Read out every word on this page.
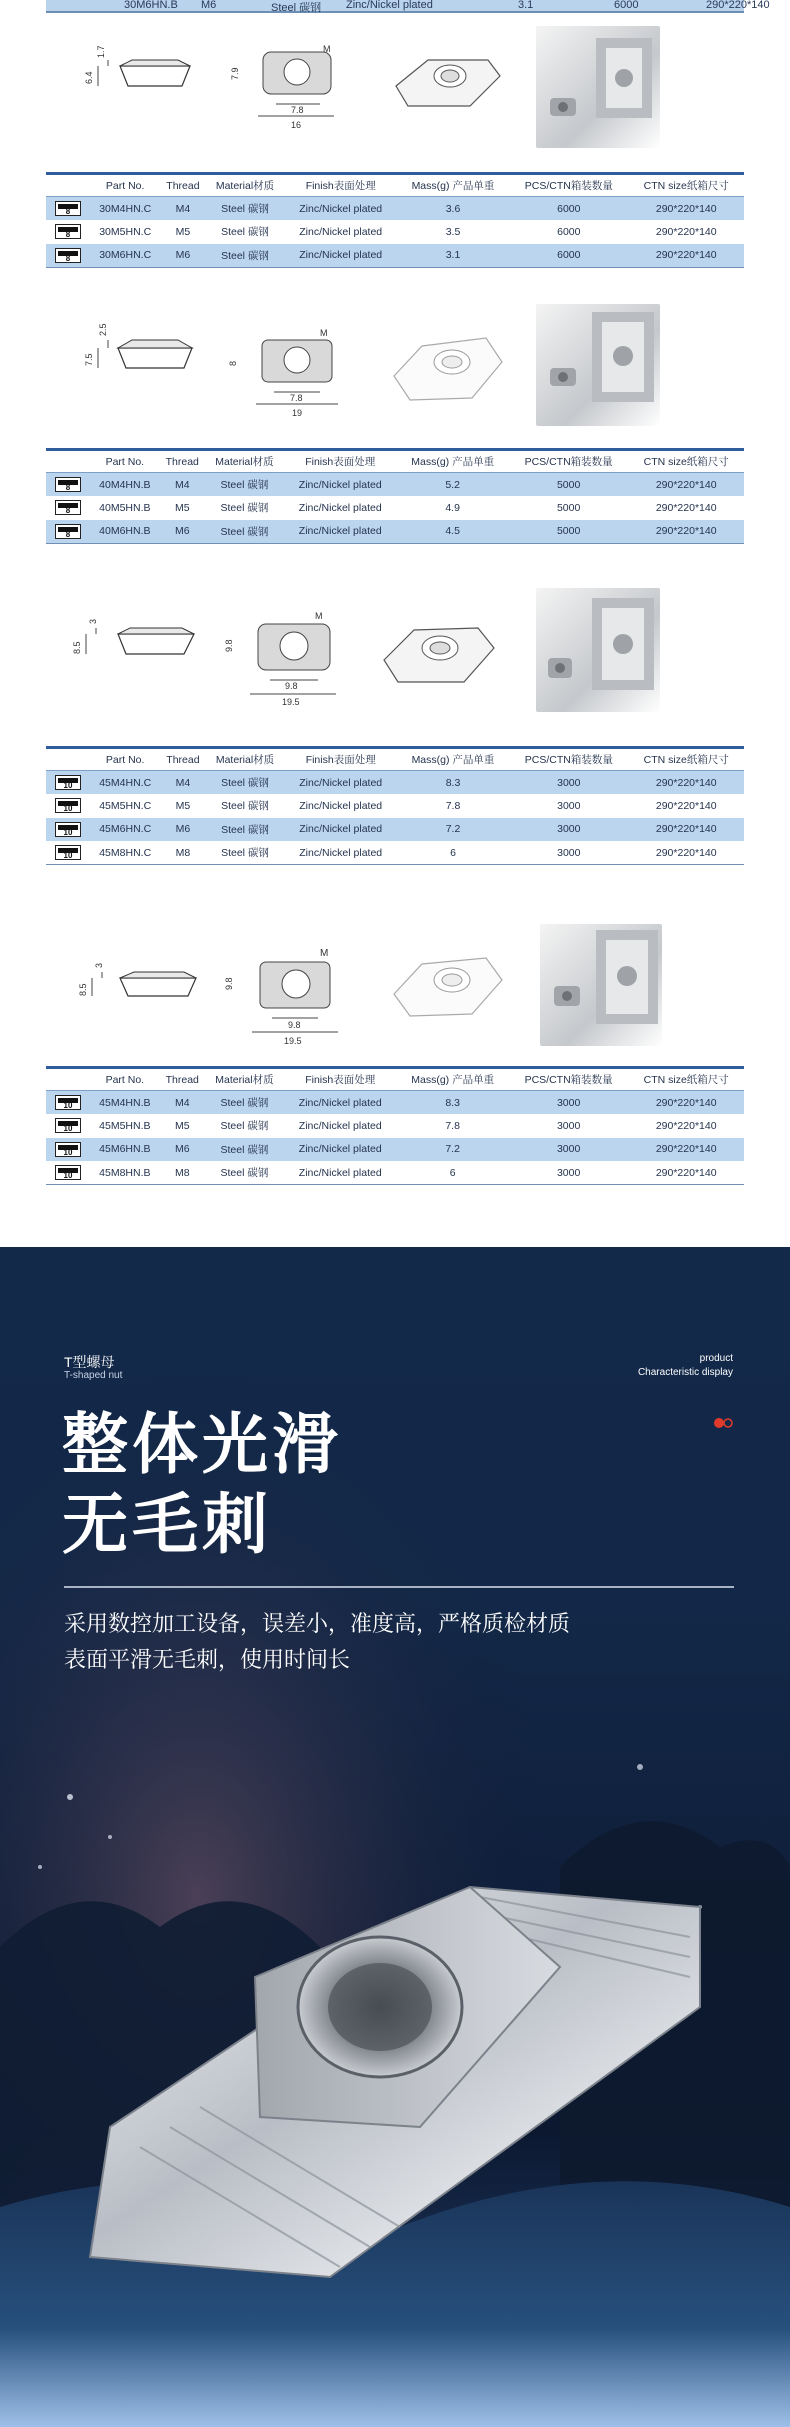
30M6HN.B M6	Steel 碳钢 Zinc/Nickel plated	3.1	6000	290*220*140
1.7
6.4
M
7.8
16
7.9
	Part No.	Thread	Material材质	Finish表面处理	Mass(g) 产品单重	PCS/CTN箱装数量	CTN size纸箱尺寸

8	30M4HN.C	M4	Steel 碳钢	Zinc/Nickel plated	3.6	6000	290*220*140

8	30M5HN.C	M5	Steel 碳钢	Zinc/Nickel plated	3.5	6000	290*220*140

8	30M6HN.C	M6	Steel 碳钢	Zinc/Nickel plated	3.1	6000	290*220*140
2.5
7.5
M
7.8
19
8
	Part No.	Thread	Material材质	Finish表面处理	Mass(g) 产品单重	PCS/CTN箱装数量	CTN size纸箱尺寸

8	40M4HN.B	M4	Steel 碳钢	Zinc/Nickel plated	5.2	5000	290*220*140

8	40M5HN.B	M5	Steel 碳钢	Zinc/Nickel plated	4.9	5000	290*220*140

8	40M6HN.B	M6	Steel 碳钢	Zinc/Nickel plated	4.5	5000	290*220*140
3
8.5
M
9.8
19.5
9.8
	Part No.	Thread	Material材质	Finish表面处理	Mass(g) 产品单重	PCS/CTN箱装数量	CTN size纸箱尺寸

10	45M4HN.C	M4	Steel 碳钢	Zinc/Nickel plated	8.3	3000	290*220*140

10	45M5HN.C	M5	Steel 碳钢	Zinc/Nickel plated	7.8	3000	290*220*140

10	45M6HN.C	M6	Steel 碳钢	Zinc/Nickel plated	7.2	3000	290*220*140

10	45M8HN.C	M8	Steel 碳钢	Zinc/Nickel plated	6	3000	290*220*140
3
8.5
M
9.8
19.5
9.8
	Part No.	Thread	Material材质	Finish表面处理	Mass(g) 产品单重	PCS/CTN箱装数量	CTN size纸箱尺寸

10	45M4HN.B	M4	Steel 碳钢	Zinc/Nickel plated	8.3	3000	290*220*140

10	45M5HN.B	M5	Steel 碳钢	Zinc/Nickel plated	7.8	3000	290*220*140

10	45M6HN.B	M6	Steel 碳钢	Zinc/Nickel plated	7.2	3000	290*220*140

10	45M8HN.B	M8	Steel 碳钢	Zinc/Nickel plated	6	3000	290*220*140
T型螺母
T-shaped nut
product
Characteristic display
整体光滑
无毛刺
采用数控加工设备，误差小，准度高，严格质检材质
表面平滑无毛刺，使用时间长
